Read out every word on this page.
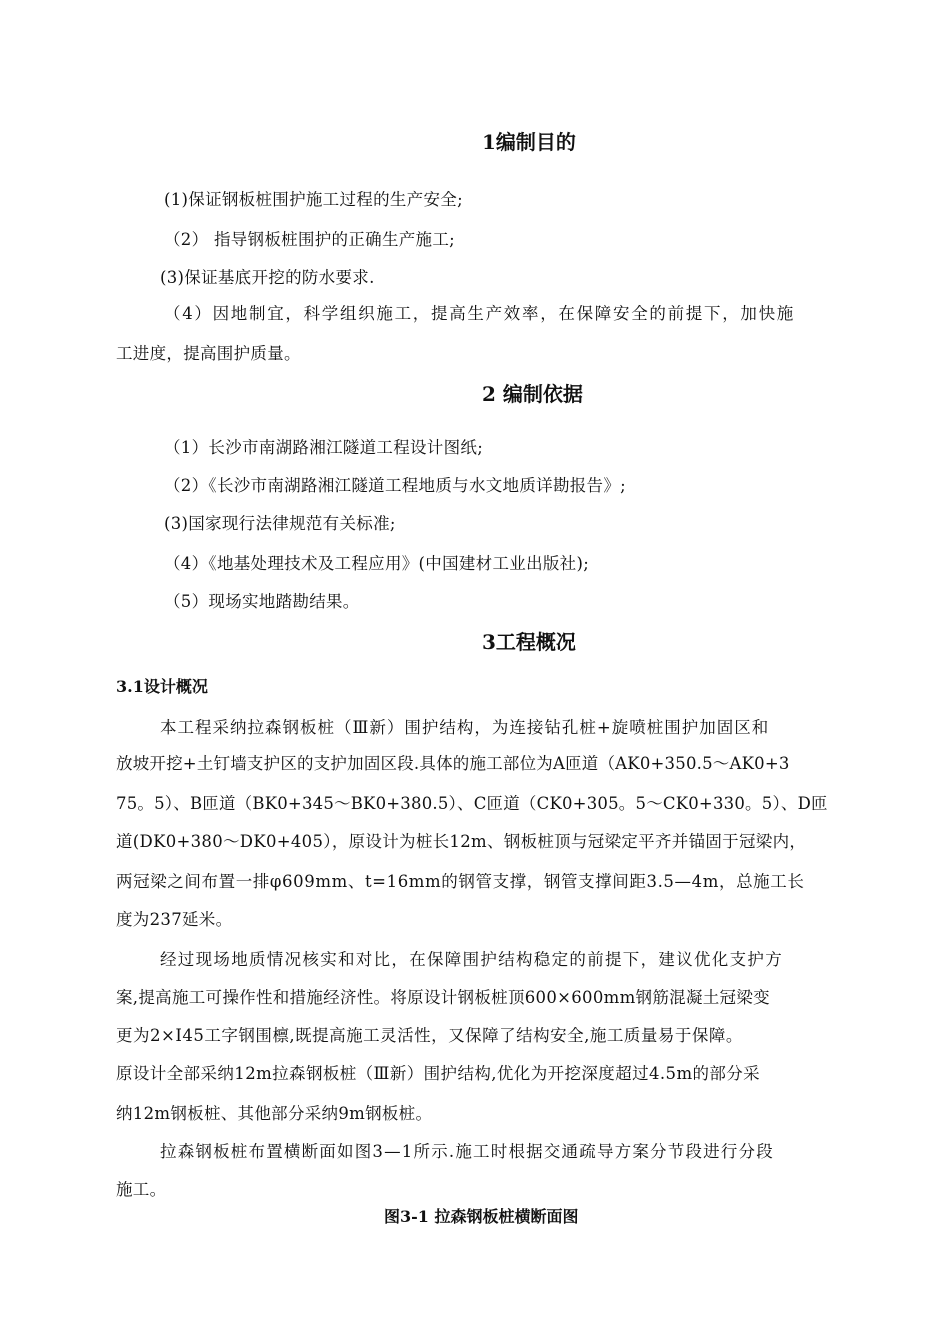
1编制目的
(1)保证钢板桩围护施工过程的生产安全;
（2） 指导钢板桩围护的正确生产施工;
(3)保证基底开挖的防水要求.
（4）因地制宜，科学组织施工，提高生产效率，在保障安全的前提下，加快施
工进度，提高围护质量。
2 编制依据
（1）长沙市南湖路湘江隧道工程设计图纸;
（2）《长沙市南湖路湘江隧道工程地质与水文地质详勘报告》;
(3)国家现行法律规范有关标准;
（4）《地基处理技术及工程应用》(中国建材工业出版社);
（5）现场实地踏勘结果。
3工程概况
3.1设计概况
本工程采纳拉森钢板桩（Ⅲ新）围护结构，为连接钻孔桩+旋喷桩围护加固区和
放坡开挖+土钉墙支护区的支护加固区段.具体的施工部位为A匝道（AK0+350.5～AK0+3
75。5）、B匝道（BK0+345～BK0+380.5）、C匝道（CK0+305。5～CK0+330。5）、D匝
道(DK0+380～DK0+405），原设计为桩长12m、钢板桩顶与冠梁定平齐并锚固于冠梁内，
两冠梁之间布置一排φ609mm、t=16mm的钢管支撑，钢管支撑间距3.5—4m，总施工长
度为237延米。
经过现场地质情况核实和对比，在保障围护结构稳定的前提下，建议优化支护方
案,提高施工可操作性和措施经济性。将原设计钢板桩顶600×600mm钢筋混凝土冠梁变
更为2×I45工字钢围檩,既提高施工灵活性，又保障了结构安全,施工质量易于保障。
原设计全部采纳12m拉森钢板桩（Ⅲ新）围护结构,优化为开挖深度超过4.5m的部分采
纳12m钢板桩、其他部分采纳9m钢板桩。
拉森钢板桩布置横断面如图3—1所示.施工时根据交通疏导方案分节段进行分段
施工。
图3-1 拉森钢板桩横断面图
